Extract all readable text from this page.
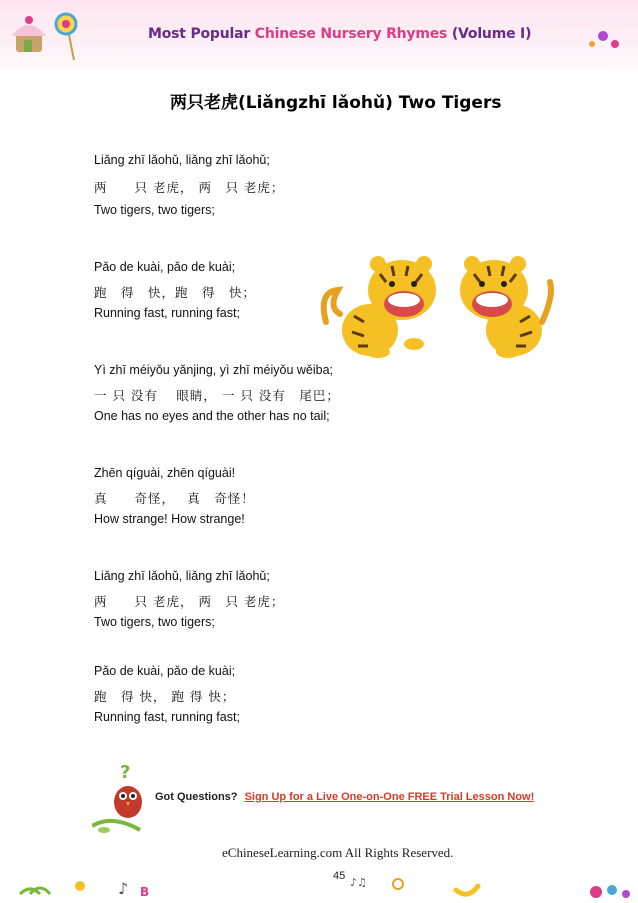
Most Popular Chinese Nursery Rhymes (Volume I)
两只老虎(Liǎngzhī lǎohǔ) Two Tigers
Liǎng zhī lǎohǔ, liǎng zhī lǎohǔ;
两　　只 老虎， 两　只 老虎；
Two tigers, two tigers;
Pǎo de kuài, pǎo de kuài;
跑　得　快，跑　得　快；
Running fast, running fast;
Yì zhī méiyǒu yǎnjing, yì zhī méiyǒu wěiba;
一 只 没有　 眼睛， 一 只 没有　尾巴；
One has no eyes and the other has no tail;
Zhēn qíguài, zhēn qíguài!
真　　奇怪，　 真　奇怪！
How strange! How strange!
Liǎng zhī lǎohǔ, liǎng zhī lǎohǔ;
两　　只 老虎， 两　只 老虎；
Two tigers, two tigers;
Pǎo de kuài, pǎo de kuài;
跑　得 快， 跑 得 快；
Running fast, running fast;
?
Got Questions? Sign Up for a Live One-on-One FREE Trial Lesson Now!
eChineseLearning.com All Rights Reserved.
45
♪ B
♪♫
